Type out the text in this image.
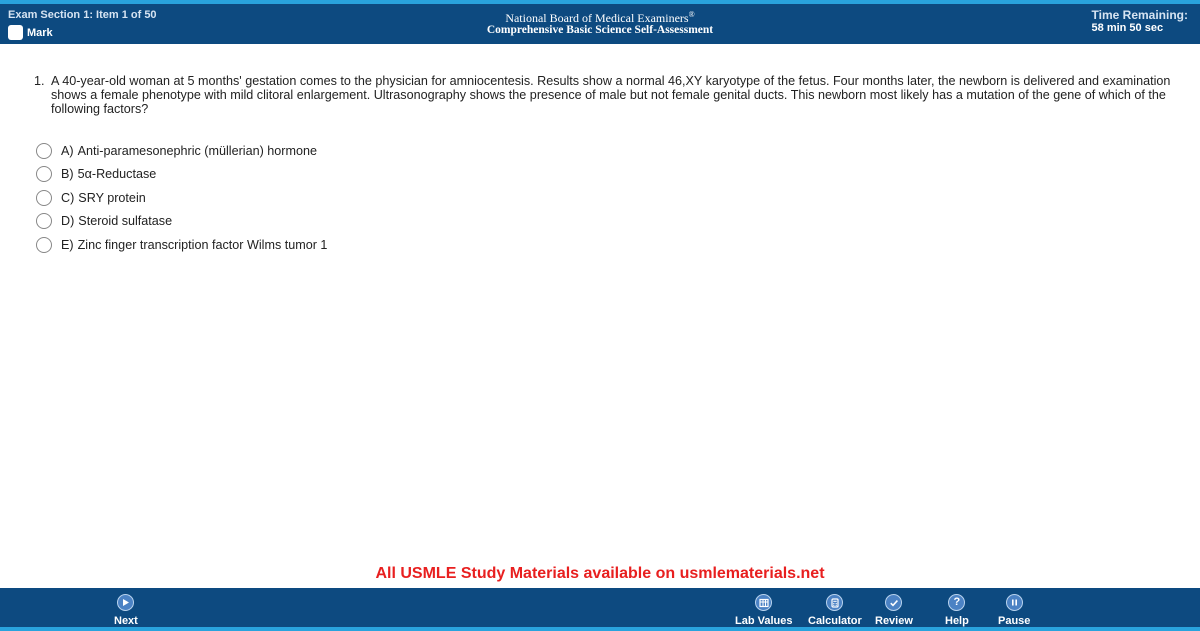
Exam Section 1: Item 1 of 50
Mark
National Board of Medical Examiners®
Comprehensive Basic Science Self-Assessment
Time Remaining:
58 min 50 sec
1. A 40-year-old woman at 5 months' gestation comes to the physician for amniocentesis. Results show a normal 46,XY karyotype of the fetus. Four months later, the newborn is delivered and examination shows a female phenotype with mild clitoral enlargement. Ultrasonography shows the presence of male but not female genital ducts. This newborn most likely has a mutation of the gene of which of the following factors?
A) Anti-paramesonephric (müllerian) hormone
B) 5α-Reductase
C) SRY protein
D) Steroid sulfatase
E) Zinc finger transcription factor Wilms tumor 1
All USMLE Study Materials available on usmlematerials.net
Next	Lab Values Calculator Review
?
Help	Pause
